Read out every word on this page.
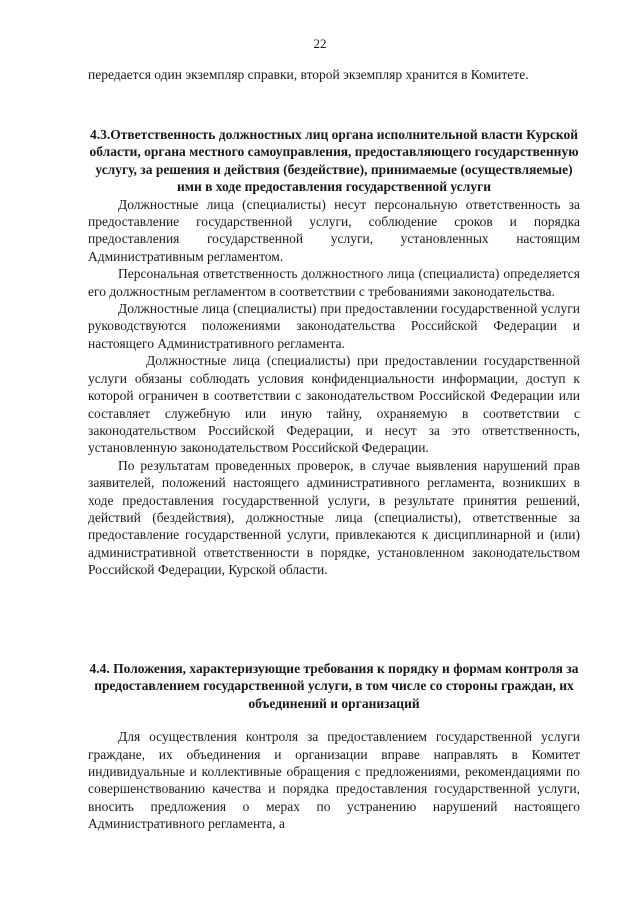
22

передается один экземпляр справки, второй экземпляр хранится в Комитете.

4.3.Ответственность должностных лиц органа исполнительной власти Курской области, органа местного самоуправления, предоставляющего государственную услугу, за решения и действия (бездействие), принимаемые (осуществляемые) ими в ходе предоставления государственной услуги

Должностные лица (специалисты) несут персональную ответственность за предоставление государственной услуги, соблюдение сроков и порядка предоставления государственной услуги, установленных настоящим Административным регламентом.

Персональная ответственность должностного лица (специалиста) определяется его должностным регламентом в соответствии с требованиями законодательства.

Должностные лица (специалисты) при предоставлении государственной услуги руководствуются положениями законодательства Российской Федерации и настоящего Административного регламента.

Должностные лица (специалисты) при предоставлении государственной услуги обязаны соблюдать условия конфиденциальности информации, доступ к которой ограничен в соответствии с законодательством Российской Федерации или составляет служебную или иную тайну, охраняемую в соответствии с законодательством Российской Федерации, и несут за это ответственность, установленную законодательством Российской Федерации.

По результатам проведенных проверок, в случае выявления нарушений прав заявителей, положений настоящего административного регламента, возникших в ходе предоставления государственной услуги, в результате принятия решений, действий (бездействия), должностные лица (специалисты), ответственные за предоставление государственной услуги, привлекаются к дисциплинарной и (или) административной ответственности в порядке, установленном законодательством Российской Федерации, Курской области.

4.4. Положения, характеризующие требования к порядку и формам контроля за предоставлением государственной услуги, в том числе со стороны граждан, их объединений и организаций

Для осуществления контроля за предоставлением государственной услуги граждане, их объединения и организации вправе направлять в Комитет индивидуальные и коллективные обращения с предложениями, рекомендациями по совершенствованию качества и порядка предоставления государственной услуги, вносить предложения о мерах по устранению нарушений настоящего Административного регламента, а
